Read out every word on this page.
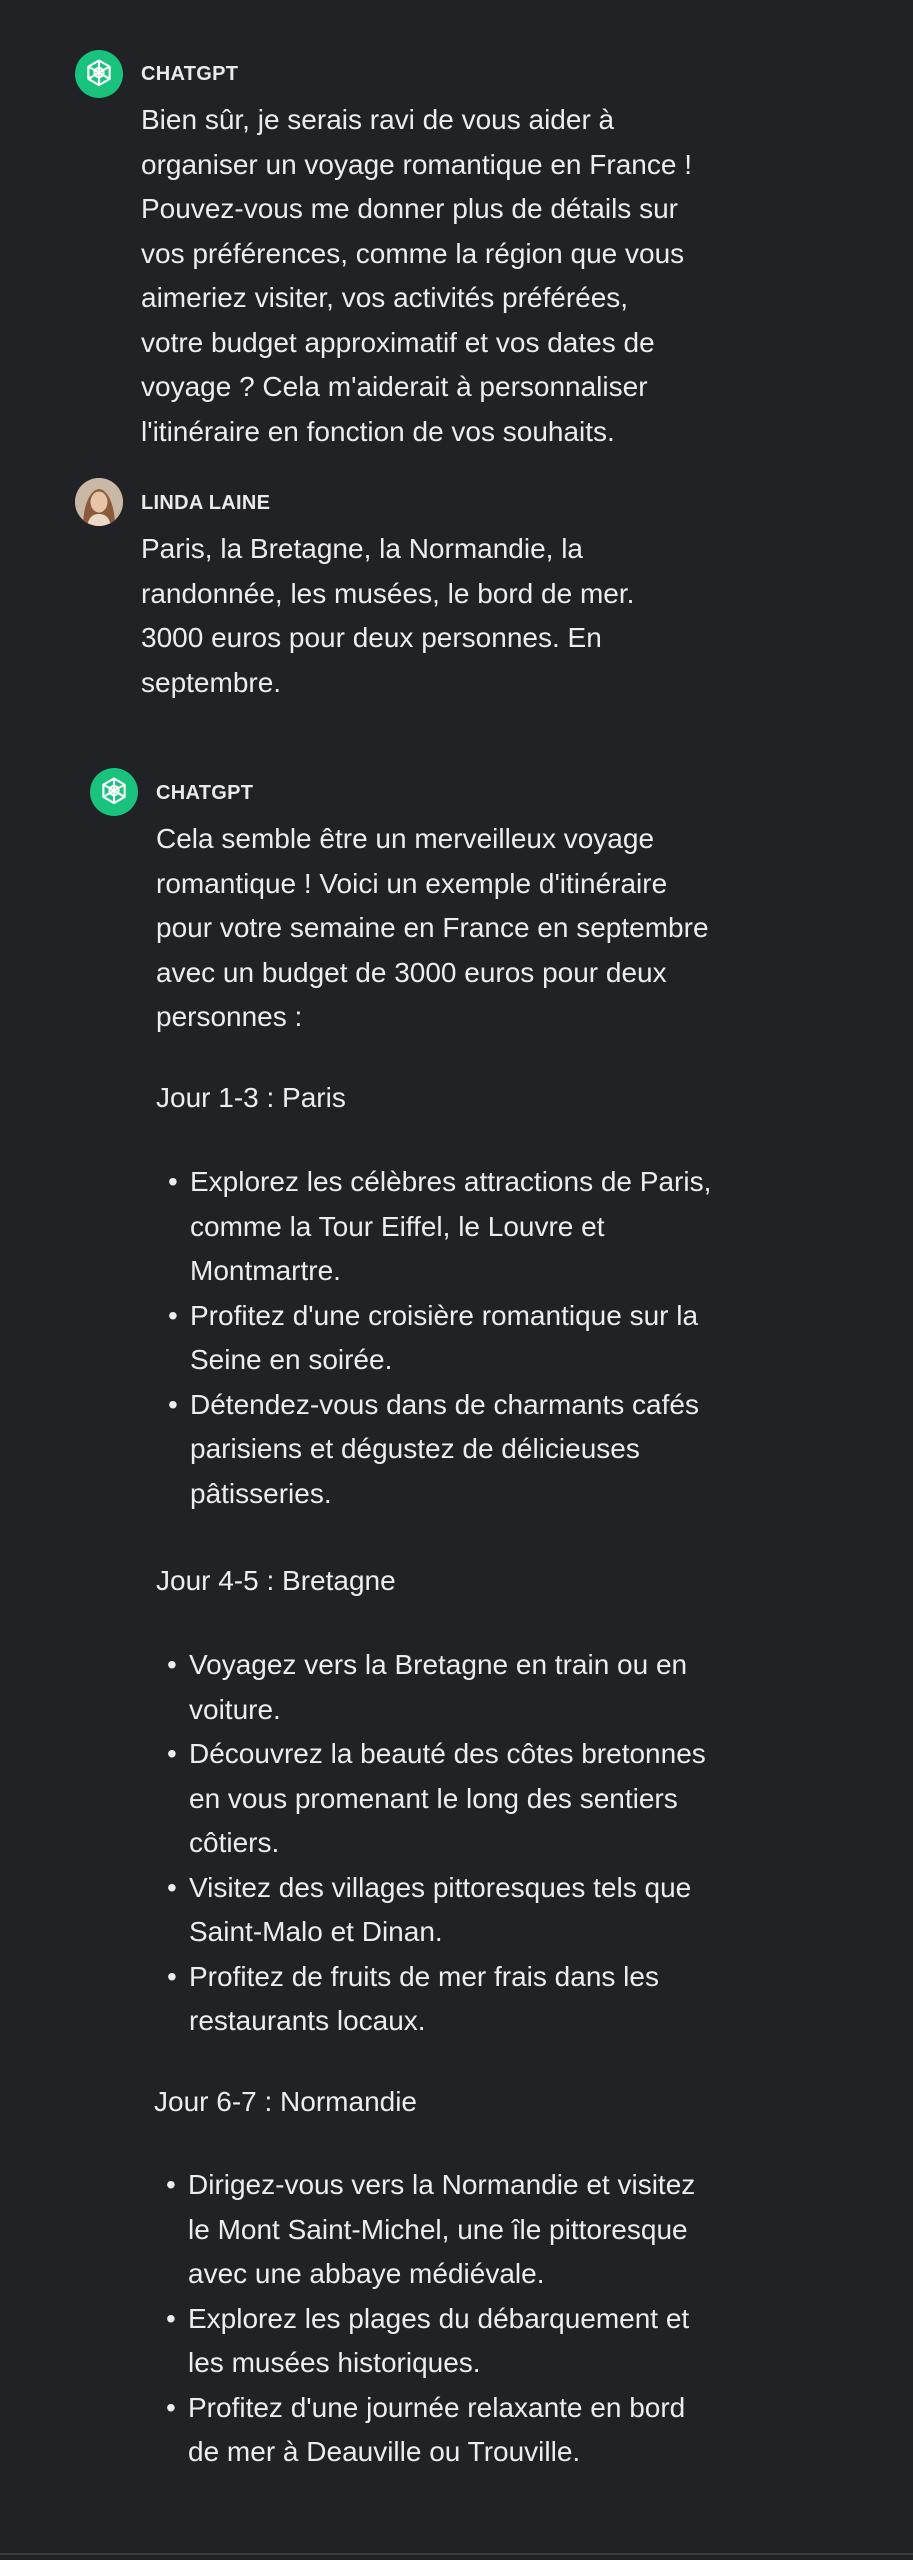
CHATGPT

Bien sûr, je serais ravi de vous aider à
organiser un voyage romantique en France !
Pouvez-vous me donner plus de détails sur
vos préférences, comme la région que vous
aimeriez visiter, vos activités préférées,
votre budget approximatif et vos dates de
voyage ? Cela m'aiderait à personnaliser
l'itinéraire en fonction de vos souhaits.

LINDA LAINE

Paris, la Bretagne, la Normandie, la
randonnée, les musées, le bord de mer.
3000 euros pour deux personnes. En
septembre.

CHATGPT

Cela semble être un merveilleux voyage
romantique ! Voici un exemple d'itinéraire
pour votre semaine en France en septembre
avec un budget de 3000 euros pour deux
personnes :

Jour 1-3 : Paris

• Explorez les célèbres attractions de Paris,
comme la Tour Eiffel, le Louvre et
Montmartre.
• Profitez d'une croisière romantique sur la
Seine en soirée.
• Détendez-vous dans de charmants cafés
parisiens et dégustez de délicieuses
pâtisseries.

Jour 4-5 : Bretagne

• Voyagez vers la Bretagne en train ou en
voiture.
• Découvrez la beauté des côtes bretonnes
en vous promenant le long des sentiers
côtiers.
• Visitez des villages pittoresques tels que
Saint-Malo et Dinan.
• Profitez de fruits de mer frais dans les
restaurants locaux.

Jour 6-7 : Normandie

• Dirigez-vous vers la Normandie et visitez
le Mont Saint-Michel, une île pittoresque
avec une abbaye médiévale.
• Explorez les plages du débarquement et
les musées historiques.
• Profitez d'une journée relaxante en bord
de mer à Deauville ou Trouville.
